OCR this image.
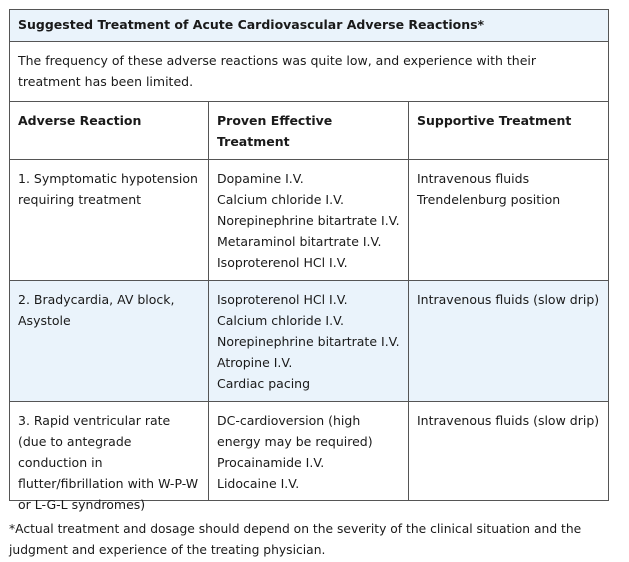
Suggested Treatment of Acute Cardiovascular Adverse Reactions*
The frequency of these adverse reactions was quite low, and experience with their treatment has been limited.
Adverse Reaction	Proven Effective Treatment
Supportive Treatment
1. Symptomatic hypotension requiring treatment
Dopamine I.V.
Calcium chloride I.V.
Norepinephrine bitartrate I.V.
Metaraminol bitartrate I.V.
Isoproterenol HCl I.V.
Intravenous fluids
Trendelenburg position
2. Bradycardia, AV block, Asystole
Isoproterenol HCl I.V.
Calcium chloride I.V.
Norepinephrine bitartrate I.V.
Atropine I.V.
Cardiac pacing
Intravenous fluids (slow drip)
3. Rapid ventricular rate (due to antegrade conduction in flutter/fibrillation with W-P-W or L-G-L syndromes)
DC-cardioversion (high energy may be required)
Procainamide I.V.
Lidocaine I.V.
Intravenous fluids (slow drip)
*Actual treatment and dosage should depend on the severity of the clinical situation and the judgment and experience of the treating physician.
